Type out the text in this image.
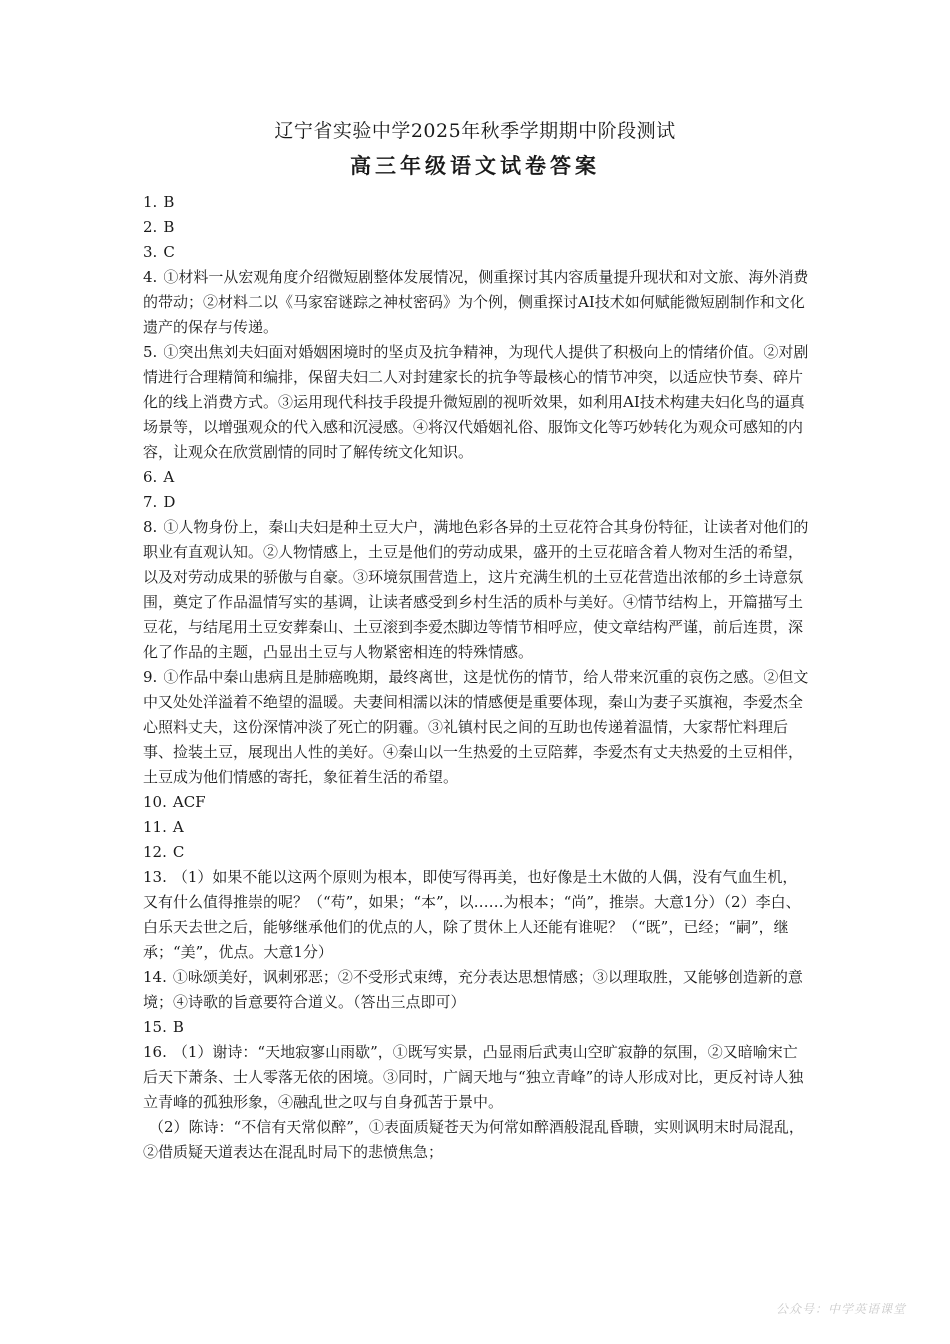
辽宁省实验中学2025年秋季学期期中阶段测试
高三年级语文试卷答案

1. B

2. B

3. C

4. ①材料一从宏观角度介绍微短剧整体发展情况，侧重探讨其内容质量提升现状和对文旅、海外消费的带动；②材料二以《马家窑谜踪之神杖密码》为个例，侧重探讨AI技术如何赋能微短剧制作和文化遗产的保存与传递。

5. ①突出焦刘夫妇面对婚姻困境时的坚贞及抗争精神，为现代人提供了积极向上的情绪价值。②对剧情进行合理精简和编排，保留夫妇二人对封建家长的抗争等最核心的情节冲突，以适应快节奏、碎片化的线上消费方式。③运用现代科技手段提升微短剧的视听效果，如利用AI技术构建夫妇化鸟的逼真场景等，以增强观众的代入感和沉浸感。④将汉代婚姻礼俗、服饰文化等巧妙转化为观众可感知的内容，让观众在欣赏剧情的同时了解传统文化知识。

6. A

7. D

8. ①人物身份上，秦山夫妇是种土豆大户，满地色彩各异的土豆花符合其身份特征，让读者对他们的职业有直观认知。②人物情感上，土豆是他们的劳动成果，盛开的土豆花暗含着人物对生活的希望，以及对劳动成果的骄傲与自豪。③环境氛围营造上，这片充满生机的土豆花营造出浓郁的乡土诗意氛围，奠定了作品温情写实的基调，让读者感受到乡村生活的质朴与美好。④情节结构上，开篇描写土豆花，与结尾用土豆安葬秦山、土豆滚到李爱杰脚边等情节相呼应，使文章结构严谨，前后连贯，深化了作品的主题，凸显出土豆与人物紧密相连的特殊情感。

9. ①作品中秦山患病且是肺癌晚期，最终离世，这是忧伤的情节，给人带来沉重的哀伤之感。②但文中又处处洋溢着不绝望的温暖。夫妻间相濡以沫的情感便是重要体现，秦山为妻子买旗袍，李爱杰全心照料丈夫，这份深情冲淡了死亡的阴霾。③礼镇村民之间的互助也传递着温情，大家帮忙料理后事、捡装土豆，展现出人性的美好。④秦山以一生热爱的土豆陪葬，李爱杰有丈夫热爱的土豆相伴，土豆成为他们情感的寄托，象征着生活的希望。

10. ACF

11. A

12. C

13. （1）如果不能以这两个原则为根本，即使写得再美，也好像是土木做的人偶，没有气血生机，又有什么值得推崇的呢？（“苟”，如果；“本”，以……为根本；“尚”，推崇。大意1分）（2）李白、白乐天去世之后，能够继承他们的优点的人，除了贯休上人还能有谁呢？（“既”，已经；“嗣”，继承；“美”，优点。大意1分）

14. ①咏颂美好，讽刺邪恶；②不受形式束缚，充分表达思想情感；③以理取胜，又能够创造新的意境；④诗歌的旨意要符合道义。（答出三点即可）

15. B

16. （1）谢诗：“天地寂寥山雨歇”，①既写实景，凸显雨后武夷山空旷寂静的氛围，②又暗喻宋亡后天下萧条、士人零落无依的困境。③同时，广阔天地与“独立青峰”的诗人形成对比，更反衬诗人独立青峰的孤独形象，④融乱世之叹与自身孤苦于景中。

（2）陈诗：“不信有天常似醉”，①表面质疑苍天为何常如醉酒般混乱昏聩，实则讽明末时局混乱，②借质疑天道表达在混乱时局下的悲愤焦急；

公众号：中学英语课堂
